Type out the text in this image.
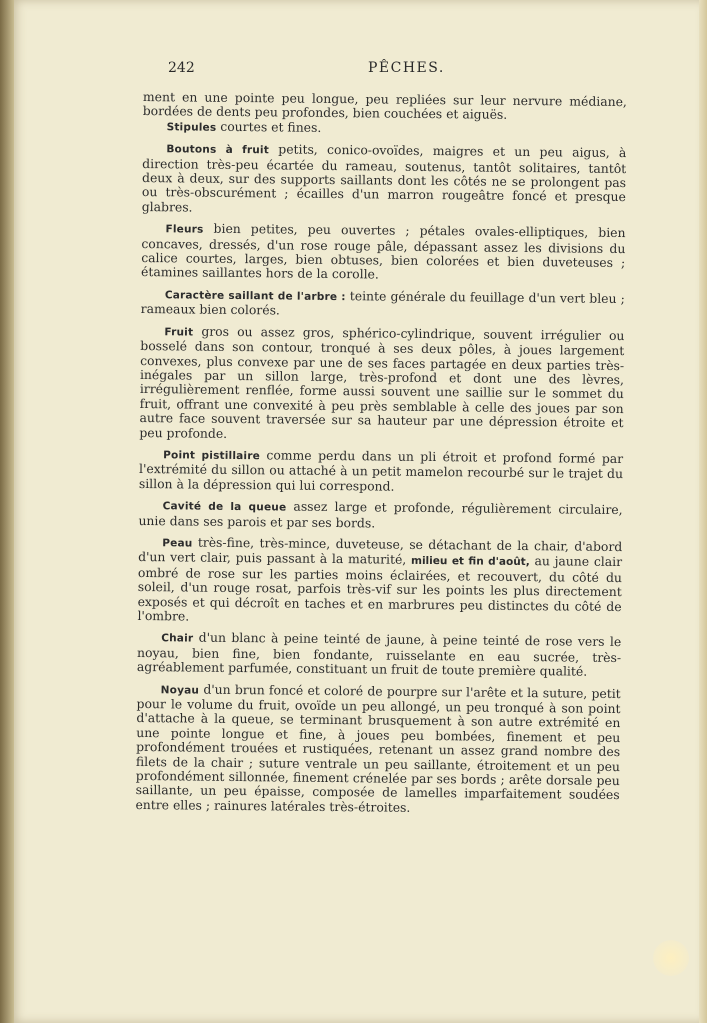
242	PÊCHES.

ment en une pointe peu longue, peu repliées sur leur nervure médiane, bordées de dents peu profondes, bien couchées et aiguës.

Stipules courtes et fines.

Boutons à fruit petits, conico-ovoïdes, maigres et un peu aigus, à direction très-peu écartée du rameau, soutenus, tantôt solitaires, tantôt deux à deux, sur des supports saillants dont les côtés ne se prolongent pas ou très-obscurément ; écailles d'un marron rougeâtre foncé et presque glabres.

Fleurs bien petites, peu ouvertes ; pétales ovales-elliptiques, bien concaves, dressés, d'un rose rouge pâle, dépassant assez les divisions du calice courtes, larges, bien obtuses, bien colorées et bien duveteuses ; étamines saillantes hors de la corolle.

Caractère saillant de l'arbre : teinte générale du feuillage d'un vert bleu ; rameaux bien colorés.

Fruit gros ou assez gros, sphérico-cylindrique, souvent irrégulier ou bosselé dans son contour, tronqué à ses deux pôles, à joues largement convexes, plus convexe par une de ses faces partagée en deux parties très-inégales par un sillon large, très-profond et dont une des lèvres, irrégulièrement renflée, forme aussi souvent une saillie sur le sommet du fruit, offrant une convexité à peu près semblable à celle des joues par son autre face souvent traversée sur sa hauteur par une dépression étroite et peu profonde.

Point pistillaire comme perdu dans un pli étroit et profond formé par l'extrémité du sillon ou attaché à un petit mamelon recourbé sur le trajet du sillon à la dépression qui lui correspond.

Cavité de la queue assez large et profonde, régulièrement circulaire, unie dans ses parois et par ses bords.

Peau très-fine, très-mince, duveteuse, se détachant de la chair, d'abord d'un vert clair, puis passant à la maturité, milieu et fin d'août, au jaune clair ombré de rose sur les parties moins éclairées, et recouvert, du côté du soleil, d'un rouge rosat, parfois très-vif sur les points les plus directement exposés et qui décroît en taches et en marbrures peu distinctes du côté de l'ombre.

Chair d'un blanc à peine teinté de jaune, à peine teinté de rose vers le noyau, bien fine, bien fondante, ruisselante en eau sucrée, très-agréablement parfumée, constituant un fruit de toute première qualité.

Noyau d'un brun foncé et coloré de pourpre sur l'arête et la suture, petit pour le volume du fruit, ovoïde un peu allongé, un peu tronqué à son point d'attache à la queue, se terminant brusquement à son autre extrémité en une pointe longue et fine, à joues peu bombées, finement et peu profondément trouées et rustiquées, retenant un assez grand nombre des filets de la chair ; suture ventrale un peu saillante, étroitement et un peu profondément sillonnée, finement crénelée par ses bords ; arête dorsale peu saillante, un peu épaisse, composée de lamelles imparfaitement soudées entre elles ; rainures latérales très-étroites.
